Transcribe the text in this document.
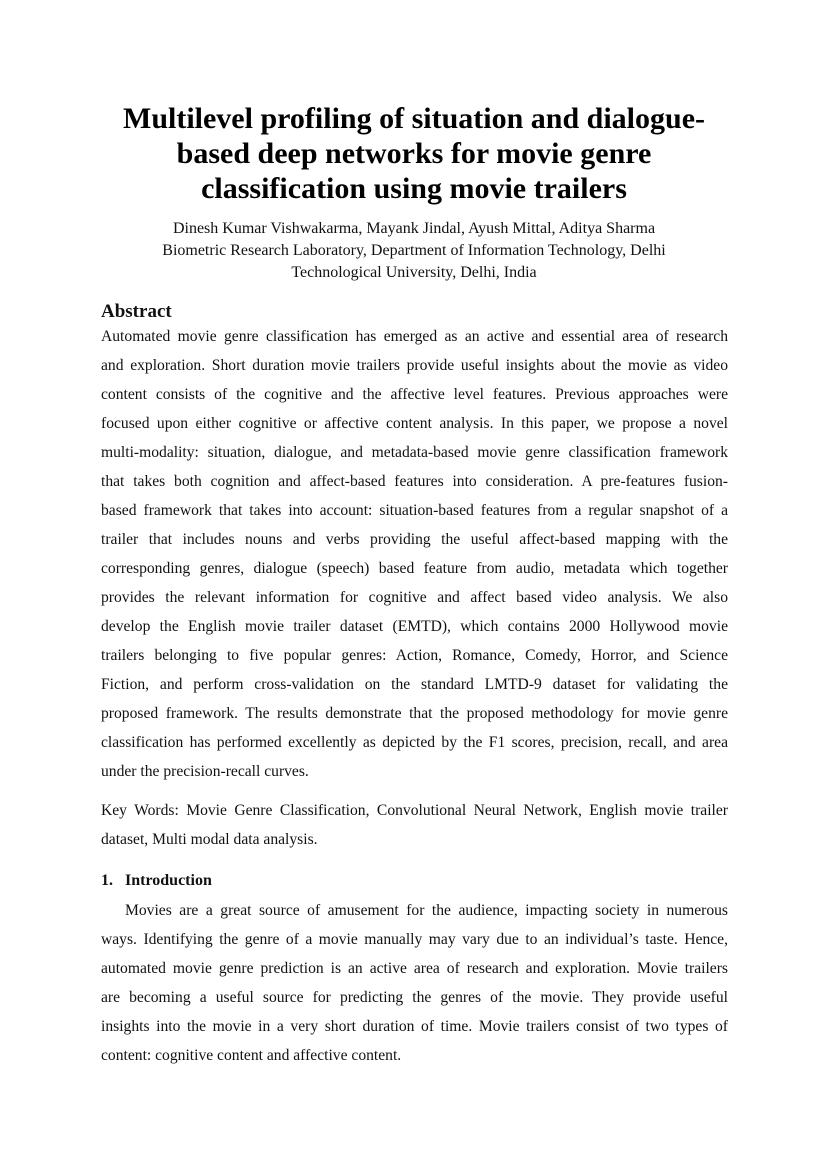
Multilevel profiling of situation and dialogue-
based deep networks for movie genre
classification using movie trailers
Dinesh Kumar Vishwakarma, Mayank Jindal, Ayush Mittal, Aditya Sharma
Biometric Research Laboratory, Department of Information Technology, Delhi
Technological University, Delhi, India
Abstract
Automated movie genre classification has emerged as an active and essential area of research
and exploration. Short duration movie trailers provide useful insights about the movie as video
content consists of the cognitive and the affective level features. Previous approaches were
focused upon either cognitive or affective content analysis. In this paper, we propose a novel
multi-modality: situation, dialogue, and metadata-based movie genre classification framework
that takes both cognition and affect-based features into consideration. A pre-features fusion-
based framework that takes into account: situation-based features from a regular snapshot of a
trailer that includes nouns and verbs providing the useful affect-based mapping with the
corresponding genres, dialogue (speech) based feature from audio, metadata which together
provides the relevant information for cognitive and affect based video analysis. We also
develop the English movie trailer dataset (EMTD), which contains 2000 Hollywood movie
trailers belonging to five popular genres: Action, Romance, Comedy, Horror, and Science
Fiction, and perform cross-validation on the standard LMTD-9 dataset for validating the
proposed framework. The results demonstrate that the proposed methodology for movie genre
classification has performed excellently as depicted by the F1 scores, precision, recall, and area
under the precision-recall curves.
Key Words: Movie Genre Classification, Convolutional Neural Network, English movie trailer
dataset, Multi modal data analysis.
1. Introduction
Movies are a great source of amusement for the audience, impacting society in numerous
ways. Identifying the genre of a movie manually may vary due to an individual’s taste. Hence,
automated movie genre prediction is an active area of research and exploration. Movie trailers
are becoming a useful source for predicting the genres of the movie. They provide useful
insights into the movie in a very short duration of time. Movie trailers consist of two types of
content: cognitive content and affective content.
